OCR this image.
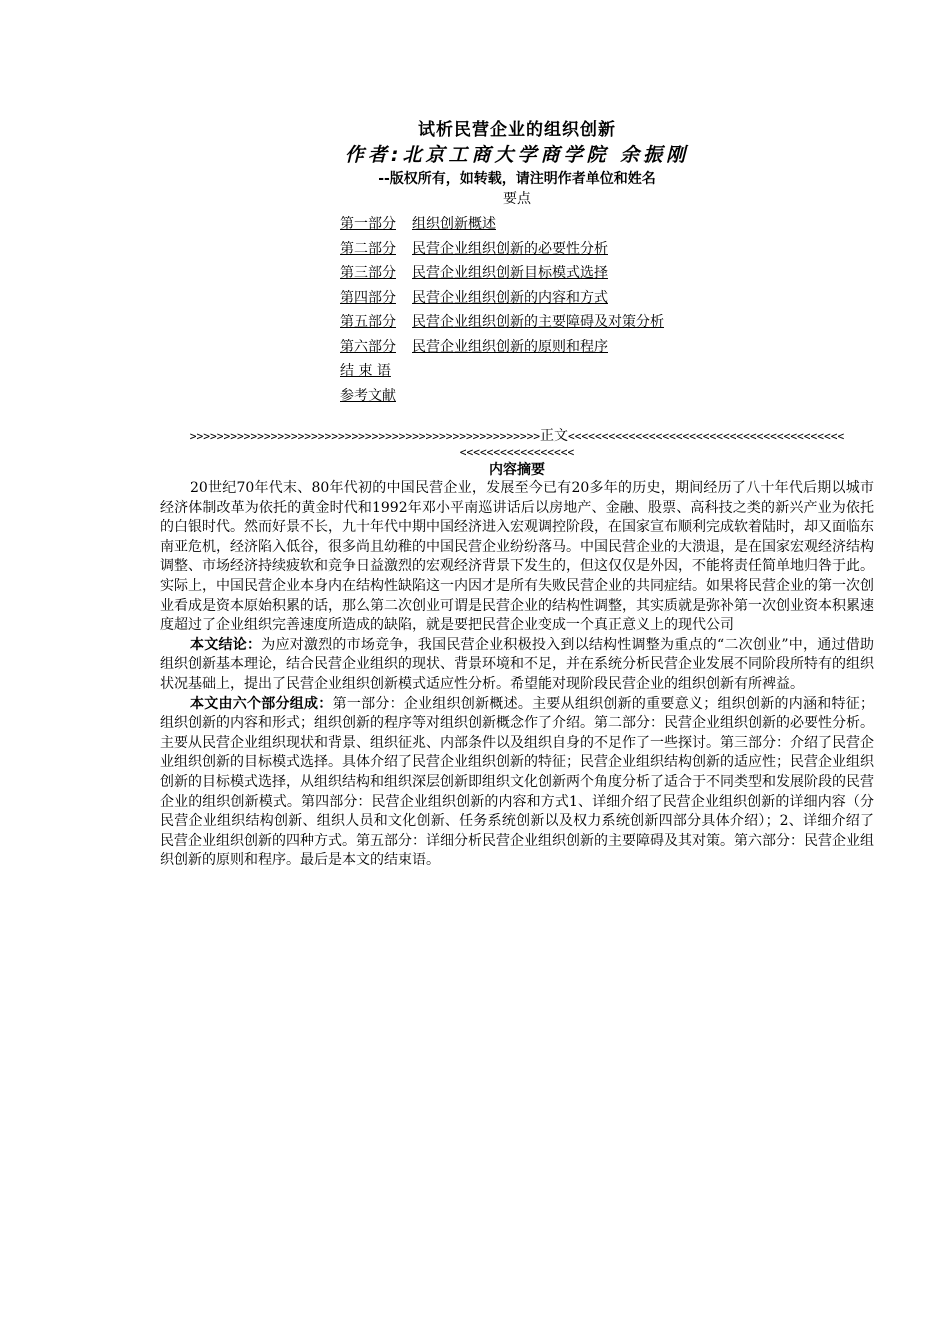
试析民营企业的组织创新

作者:北京工商大学商学院 余振刚

--版权所有，如转载，请注明作者单位和姓名

要点

第一部分 组织创新概述
第二部分 民营企业组织创新的必要性分析
第三部分 民营企业组织创新目标模式选择
第四部分 民营企业组织创新的内容和方式
第五部分 民营企业组织创新的主要障碍及对策分析
第六部分 民营企业组织创新的原则和程序
结 束 语
参考文献
>>>>>>>>>>>>>>>>>>>>>>>>>>>>>>>>>>>>>>>>>>>>>>>>>>>>正文<<<<<<<<<<<<<<<<<<<<<<<<<<<<<<<<<<<<<<<<<
<<<<<<<<<<<<<<<<<

内容摘要

20世纪70年代末、80年代初的中国民营企业，发展至今已有20多年的历史，期间经历了八十年代后期以城市经济体制改革为依托的黄金时代和1992年邓小平南巡讲话后以房地产、金融、股票、高科技之类的新兴产业为依托的白银时代。然而好景不长，九十年代中期中国经济进入宏观调控阶段，在国家宣布顺利完成软着陆时，却又面临东南亚危机，经济陷入低谷，很多尚且幼稚的中国民营企业纷纷落马。中国民营企业的大溃退，是在国家宏观经济结构调整、市场经济持续疲软和竞争日益激烈的宏观经济背景下发生的，但这仅仅是外因，不能将责任简单地归咎于此。实际上，中国民营企业本身内在结构性缺陷这一内因才是所有失败民营企业的共同症结。如果将民营企业的第一次创业看成是资本原始积累的话，那么第二次创业可谓是民营企业的结构性调整，其实质就是弥补第一次创业资本积累速度超过了企业组织完善速度所造成的缺陷，就是要把民营企业变成一个真正意义上的现代公司

本文结论：为应对激烈的市场竞争，我国民营企业积极投入到以结构性调整为重点的“二次创业”中，通过借助组织创新基本理论，结合民营企业组织的现状、背景环境和不足，并在系统分析民营企业发展不同阶段所特有的组织状况基础上，提出了民营企业组织创新模式适应性分析。希望能对现阶段民营企业的组织创新有所裨益。

本文由六个部分组成：第一部分：企业组织创新概述。主要从组织创新的重要意义；组织创新的内涵和特征；组织创新的内容和形式；组织创新的程序等对组织创新概念作了介绍。第二部分：民营企业组织创新的必要性分析。主要从民营企业组织现状和背景、组织征兆、内部条件以及组织自身的不足作了一些探讨。第三部分：介绍了民营企业组织创新的目标模式选择。具体介绍了民营企业组织创新的特征；民营企业组织结构创新的适应性；民营企业组织创新的目标模式选择，从组织结构和组织深层创新即组织文化创新两个角度分析了适合于不同类型和发展阶段的民营企业的组织创新模式。第四部分：民营企业组织创新的内容和方式1、详细介绍了民营企业组织创新的详细内容（分民营企业组织结构创新、组织人员和文化创新、任务系统创新以及权力系统创新四部分具体介绍）；2、详细介绍了民营企业组织创新的四种方式。第五部分：详细分析民营企业组织创新的主要障碍及其对策。第六部分：民营企业组织创新的原则和程序。最后是本文的结束语。
